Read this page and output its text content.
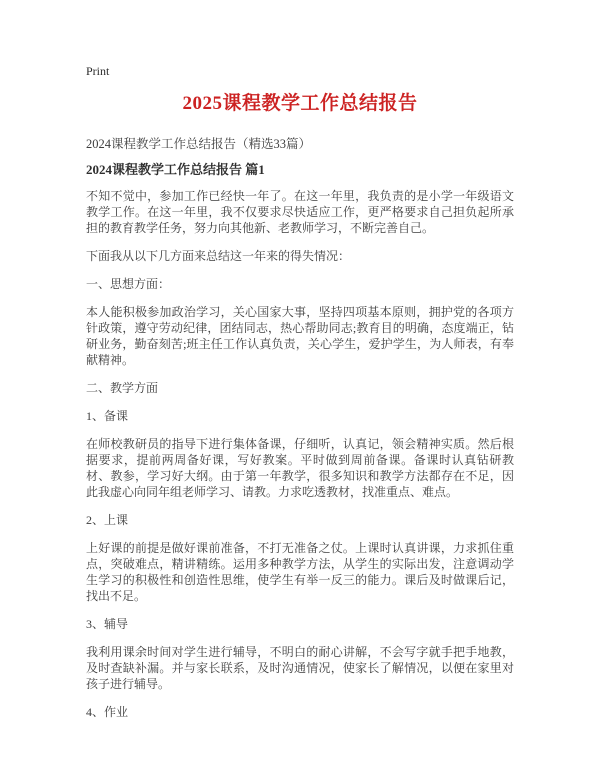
Print
2025课程教学工作总结报告

2024课程教学工作总结报告（精选33篇）

2024课程教学工作总结报告 篇1

不知不觉中，参加工作已经快一年了。在这一年里，我负责的是小学一年级语文教学工作。在这一年里，我不仅要求尽快适应工作，更严格要求自己担负起所承担的教育教学任务，努力向其他新、老教师学习，不断完善自己。

下面我从以下几方面来总结这一年来的得失情况：

一、思想方面：

本人能积极参加政治学习，关心国家大事，坚持四项基本原则，拥护党的各项方针政策，遵守劳动纪律，团结同志，热心帮助同志;教育目的明确，态度端正，钻研业务，勤奋刻苦;班主任工作认真负责，关心学生，爱护学生，为人师表，有奉献精神。

二、教学方面

1、备课

在师校教研员的指导下进行集体备课，仔细听，认真记，领会精神实质。然后根据要求，提前两周备好课，写好教案。平时做到周前备课。备课时认真钻研教材、教参，学习好大纲。由于第一年教学，很多知识和教学方法都存在不足，因此我虚心向同年组老师学习、请教。力求吃透教材，找准重点、难点。

2、上课

上好课的前提是做好课前准备，不打无准备之仗。上课时认真讲课，力求抓住重点，突破难点，精讲精练。运用多种教学方法，从学生的实际出发，注意调动学生学习的积极性和创造性思维，使学生有举一反三的能力。课后及时做课后记，找出不足。

3、辅导

我利用课余时间对学生进行辅导，不明白的耐心讲解，不会写字就手把手地教，及时查缺补漏。并与家长联系，及时沟通情况，使家长了解情况，以便在家里对孩子进行辅导。

4、作业
